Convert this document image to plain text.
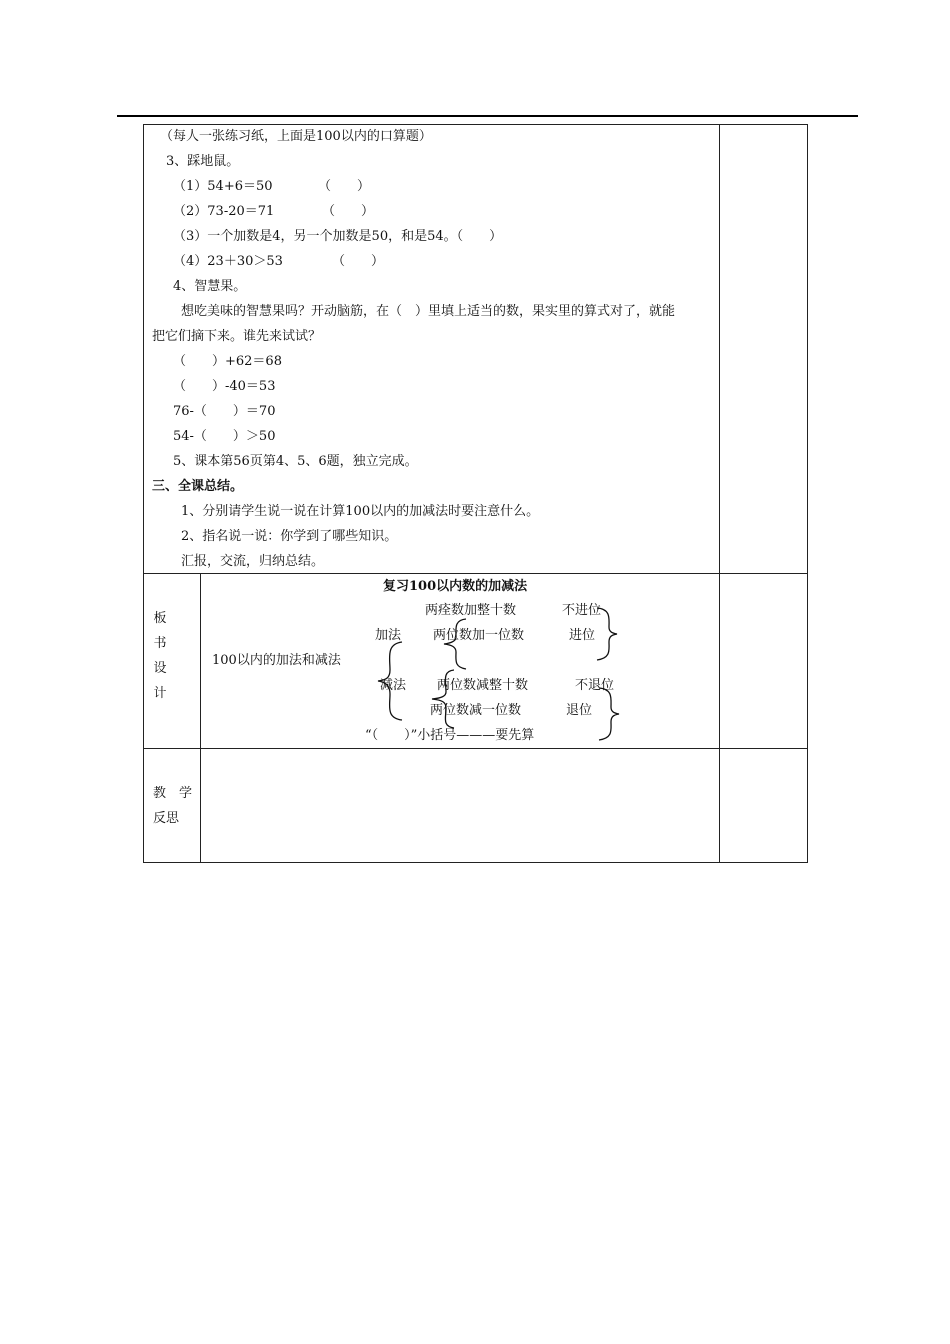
（每人一张练习纸，上面是100以内的口算题）
3、踩地鼠。
（1）54+6＝50	（　　）
（2）73-20＝71	（　　）
（3）一个加数是4，另一个加数是50，和是54。（　　）
（4）23＋30＞53	（　　）
4、智慧果。
想吃美味的智慧果吗？开动脑筋，在（　）里填上适当的数，果实里的算式对了，就能
把它们摘下来。谁先来试试？
（　　）+62＝68
（　　）-40＝53
76-（　　）＝70
54-（　　）＞50
5、课本第56页第4、5、6题，独立完成。
三、全课总结。
1、分别请学生说一说在计算100以内的加减法时要注意什么。
2、指名说一说：你学到了哪些知识。
汇报，交流，归纳总结。
板
书
设
计
复习100以内数的加减法
两痊数加整十数	不进位
加法 两位数加一位数	进位
100以内的加法和减法
减法 两位数减整十数	不退位
两位数减一位数	退位
“（　　）”小括号———要先算
教　学
反思
